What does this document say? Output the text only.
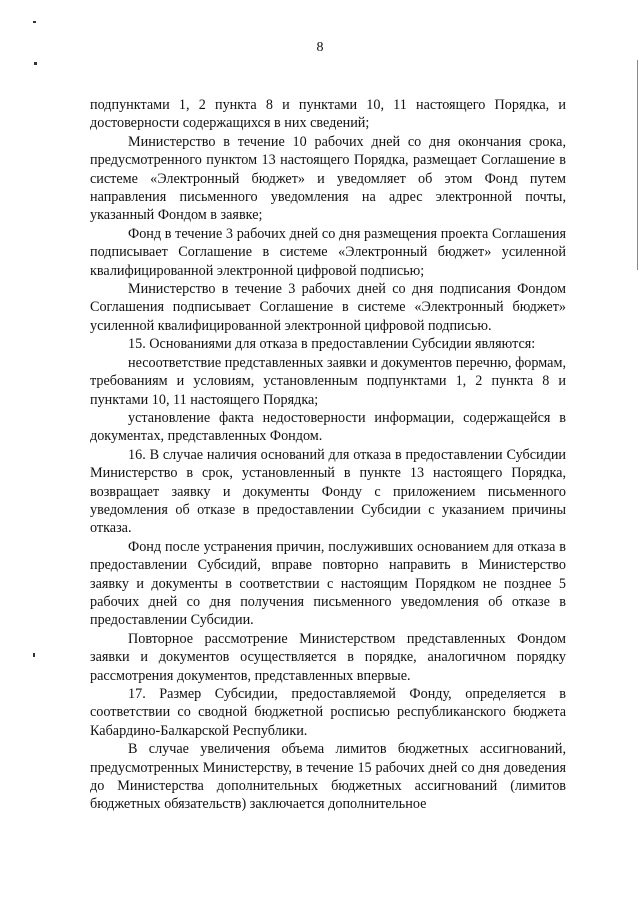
8

подпунктами 1, 2 пункта 8 и пунктами 10, 11 настоящего Порядка, и достоверности содержащихся в них сведений;

Министерство в течение 10 рабочих дней со дня окончания срока, предусмотренного пунктом 13 настоящего Порядка, размещает Соглашение в системе «Электронный бюджет» и уведомляет об этом Фонд путем направления письменного уведомления на адрес электронной почты, указанный Фондом в заявке;

Фонд в течение 3 рабочих дней со дня размещения проекта Соглашения подписывает Соглашение в системе «Электронный бюджет» усиленной квалифицированной электронной цифровой подписью;

Министерство в течение 3 рабочих дней со дня подписания Фондом Соглашения подписывает Соглашение в системе «Электронный бюджет» усиленной квалифицированной электронной цифровой подписью.

15. Основаниями для отказа в предоставлении Субсидии являются:

несоответствие представленных заявки и документов перечню, формам, требованиям и условиям, установленным подпунктами 1, 2 пункта 8 и пунктами 10, 11 настоящего Порядка;

установление факта недостоверности информации, содержащейся в документах, представленных Фондом.

16. В случае наличия оснований для отказа в предоставлении Субсидии Министерство в срок, установленный в пункте 13 настоящего Порядка, возвращает заявку и документы Фонду с приложением письменного уведомления об отказе в предоставлении Субсидии с указанием причины отказа.

Фонд после устранения причин, послуживших основанием для отказа в предоставлении Субсидий, вправе повторно направить в Министерство заявку и документы в соответствии с настоящим Порядком не позднее 5 рабочих дней со дня получения письменного уведомления об отказе в предоставлении Субсидии.

Повторное рассмотрение Министерством представленных Фондом заявки и документов осуществляется в порядке, аналогичном порядку рассмотрения документов, представленных впервые.

17. Размер Субсидии, предоставляемой Фонду, определяется в соответствии со сводной бюджетной росписью республиканского бюджета Кабардино-Балкарской Республики.

В случае увеличения объема лимитов бюджетных ассигнований, предусмотренных Министерству, в течение 15 рабочих дней со дня доведения до Министерства дополнительных бюджетных ассигнований (лимитов бюджетных обязательств) заключается дополнительное
